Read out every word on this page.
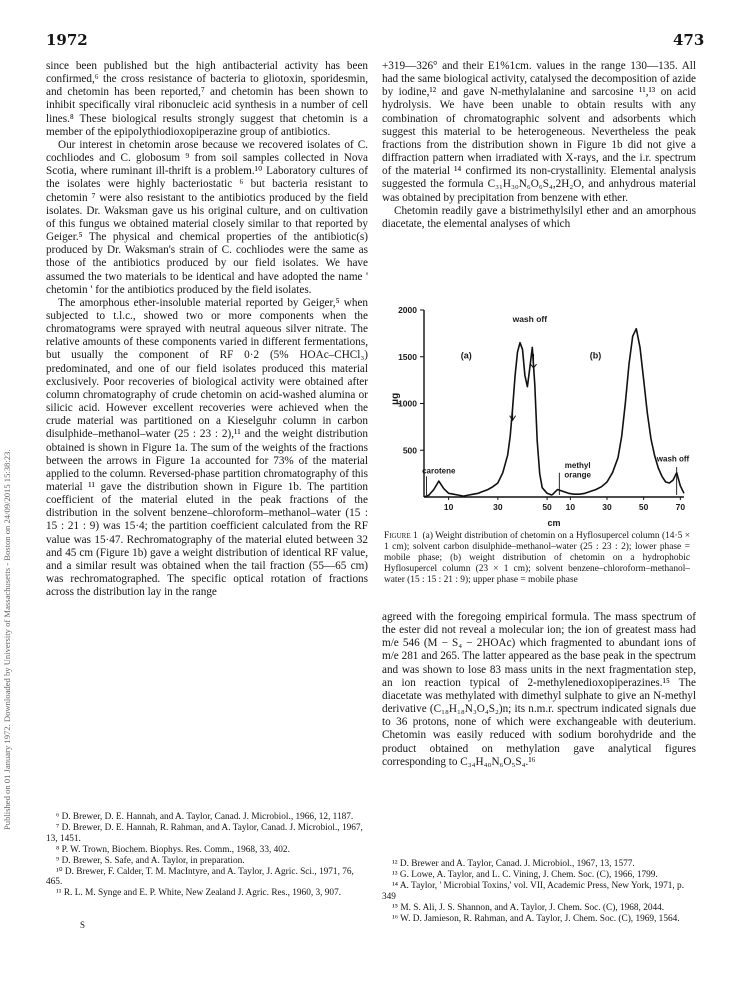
1972	473
Published on 01 January 1972. Downloaded by University of Massachusetts - Boston on 24/09/2015 15:38:23.

since been published but the high antibacterial activity has been confirmed,⁶ the cross resistance of bacteria to gliotoxin, sporidesmin, and chetomin has been reported,⁷ and chetomin has been shown to inhibit specifically viral ribonucleic acid synthesis in a number of cell lines.⁸ These biological results strongly suggest that chetomin is a member of the epipolythiodioxopiperazine group of antibiotics.

Our interest in chetomin arose because we recovered isolates of C. cochliodes and C. globosum ⁹ from soil samples collected in Nova Scotia, where ruminant ill-thrift is a problem.¹⁰ Laboratory cultures of the isolates were highly bacteriostatic ⁶ but bacteria resistant to chetomin ⁷ were also resistant to the antibiotics produced by the field isolates. Dr. Waksman gave us his original culture, and on cultivation of this fungus we obtained material closely similar to that reported by Geiger.⁵ The physical and chemical properties of the antibiotic(s) produced by Dr. Waksman's strain of C. cochliodes were the same as those of the antibiotics produced by our field isolates. We have assumed the two materials to be identical and have adopted the name ' chetomin ' for the antibiotics produced by the field isolates.

The amorphous ether-insoluble material reported by Geiger,⁵ when subjected to t.l.c., showed two or more components when the chromatograms were sprayed with neutral aqueous silver nitrate. The relative amounts of these components varied in different fermentations, but usually the component of RF 0·2 (5% HOAc–CHCl₃) predominated, and one of our field isolates produced this material exclusively. Poor recoveries of biological activity were obtained after column chromatography of crude chetomin on acid-washed alumina or silicic acid. However excellent recoveries were achieved when the crude material was partitioned on a Kieselguhr column in carbon disulphide–methanol–water (25 : 23 : 2),¹¹ and the weight distribution obtained is shown in Figure 1a. The sum of the weights of the fractions between the arrows in Figure 1a accounted for 73% of the material applied to the column. Reversed-phase partition chromatography of this material ¹¹ gave the distribution shown in Figure 1b. The partition coefficient of the material eluted in the peak fractions of the distribution in the solvent benzene–chloroform–methanol–water (15 : 15 : 21 : 9) was 15·4; the partition coefficient calculated from the RF value was 15·47. Rechromatography of the material eluted between 32 and 45 cm (Figure 1b) gave a weight distribution of identical RF value, and a similar result was obtained when the tail fraction (55—65 cm) was rechromatographed. The specific optical rotation of fractions across the distribution lay in the range

⁶ D. Brewer, D. E. Hannah, and A. Taylor, Canad. J. Microbiol., 1966, 12, 1187.
⁷ D. Brewer, D. E. Hannah, R. Rahman, and A. Taylor, Canad. J. Microbiol., 1967, 13, 1451.
⁸ P. W. Trown, Biochem. Biophys. Res. Comm., 1968, 33, 402.
⁹ D. Brewer, S. Safe, and A. Taylor, in preparation.
¹⁰ D. Brewer, F. Calder, T. M. MacIntyre, and A. Taylor, J. Agric. Sci., 1971, 76, 465.
¹¹ R. L. M. Synge and E. P. White, New Zealand J. Agric. Res., 1960, 3, 907.
S

+319—326° and their E1%1cm. values in the range 130—135. All had the same biological activity, catalysed the decomposition of azide by iodine,¹² and gave N-methylalanine and sarcosine ¹¹,¹³ on acid hydrolysis. We have been unable to obtain results with any combination of chromatographic solvent and adsorbents which suggest this material to be heterogeneous. Nevertheless the peak fractions from the distribution shown in Figure 1b did not give a diffraction pattern when irradiated with X-rays, and the i.r. spectrum of the material ¹⁴ confirmed its non-crystallinity. Elemental analysis suggested the formula C₃₁H₃₀N₆O₆S₄,2H₂O, and anhydrous material was obtained by precipitation from benzene with ether.

Chetomin readily gave a bistrimethylsilyl ether and an amorphous diacetate, the elemental analyses of which

500
1000
1500
2000
μg
10	30	50
(a)
10	30	50	70
(b)
carotene
wash off
methyl
orange
wash off
cm
Figure 1 (a) Weight distribution of chetomin on a Hyflosupercel column (14·5 × 1 cm); solvent carbon disulphide–methanol–water (25 : 23 : 2); lower phase = mobile phase; (b) weight distribution of chetomin on a hydrophobic Hyflosupercel column (23 × 1 cm); solvent benzene–chloroform–methanol–water (15 : 15 : 21 : 9); upper phase = mobile phase

agreed with the foregoing empirical formula. The mass spectrum of the ester did not reveal a molecular ion; the ion of greatest mass had m/e 546 (M − S₄ − 2HOAc) which fragmented to abundant ions of m/e 281 and 265. The latter appeared as the base peak in the spectrum and was shown to lose 83 mass units in the next fragmentation step, an ion reaction typical of 2-methylenedioxopiperazines.¹⁵ The diacetate was methylated with dimethyl sulphate to give an N-methyl derivative (C₁₈H₁₈N₃O₄S₂)n; its n.m.r. spectrum indicated signals due to 36 protons, none of which were exchangeable with deuterium. Chetomin was easily reduced with sodium borohydride and the product obtained on methylation gave analytical figures corresponding to C₃₄H₄₀N₆O₅S₄.¹⁶

¹² D. Brewer and A. Taylor, Canad. J. Microbiol., 1967, 13, 1577.
¹³ G. Lowe, A. Taylor, and L. C. Vining, J. Chem. Soc. (C), 1966, 1799.
¹⁴ A. Taylor, ' Microbial Toxins,' vol. VII, Academic Press, New York, 1971, p. 349
¹⁵ M. S. Ali, J. S. Shannon, and A. Taylor, J. Chem. Soc. (C), 1968, 2044.
¹⁶ W. D. Jamieson, R. Rahman, and A. Taylor, J. Chem. Soc. (C), 1969, 1564.
